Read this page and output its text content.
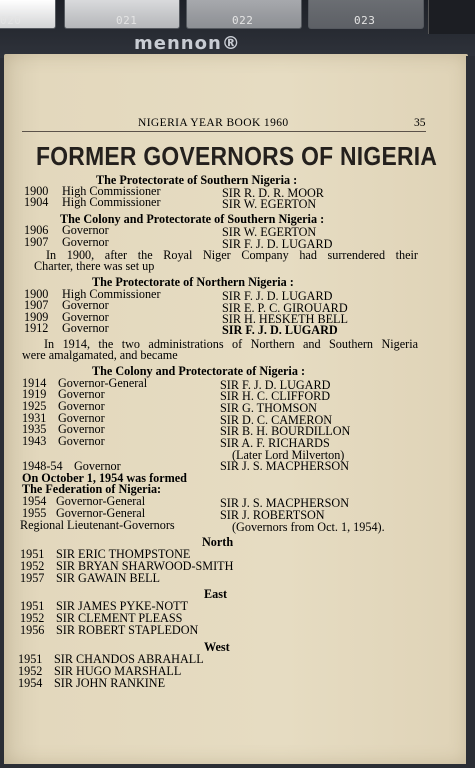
020	021	022	023
mennon®
NIGERIA YEAR BOOK 1960	35
FORMER GOVERNORS OF NIGERIA
The Protectorate of Southern Nigeria :
1900 High Commissioner	SIR R. D. R. MOOR
1904 High Commissioner	SIR W. EGERTON
The Colony and Protectorate of Southern Nigeria :
1906 Governor	SIR W. EGERTON
1907 Governor	SIR F. J. D. LUGARD
In 1900, after the Royal Niger Company had surrendered their
Charter, there was set up
The Protectorate of Northern Nigeria :
1900 High Commissioner	SIR F. J. D. LUGARD
1907 Governor	SIR E. P. C. GIROUARD
1909 Governor	SIR H. HESKETH BELL
1912 Governor	SIR F. J. D. LUGARD
In 1914, the two administrations of Northern and Southern Nigeria
were amalgamated, and became
The Colony and Protectorate of Nigeria :
1914 Governor-General	SIR F. J. D. LUGARD
1919 Governor	SIR H. C. CLIFFORD
1925 Governor	SIR G. THOMSON
1931 Governor	SIR D. C. CAMERON
1935 Governor	SIR B. H. BOURDILLON
1943 Governor	SIR A. F. RICHARDS
(Later Lord Milverton)
1948-54 Governor	SIR J. S. MACPHERSON
On October 1, 1954 was formed
The Federation of Nigeria:
1954 Governor-General	SIR J. S. MACPHERSON
1955 Governor-General	SIR J. ROBERTSON
Regional Lieutenant-Governors	(Governors from Oct. 1, 1954).
North
1951 SIR ERIC THOMPSTONE
1952 SIR BRYAN SHARWOOD-SMITH
1957 SIR GAWAIN BELL
East
1951 SIR JAMES PYKE-NOTT
1952 SIR CLEMENT PLEASS
1956 SIR ROBERT STAPLEDON
West
1951 SIR CHANDOS ABRAHALL
1952 SIR HUGO MARSHALL
1954 SIR JOHN RANKINE
